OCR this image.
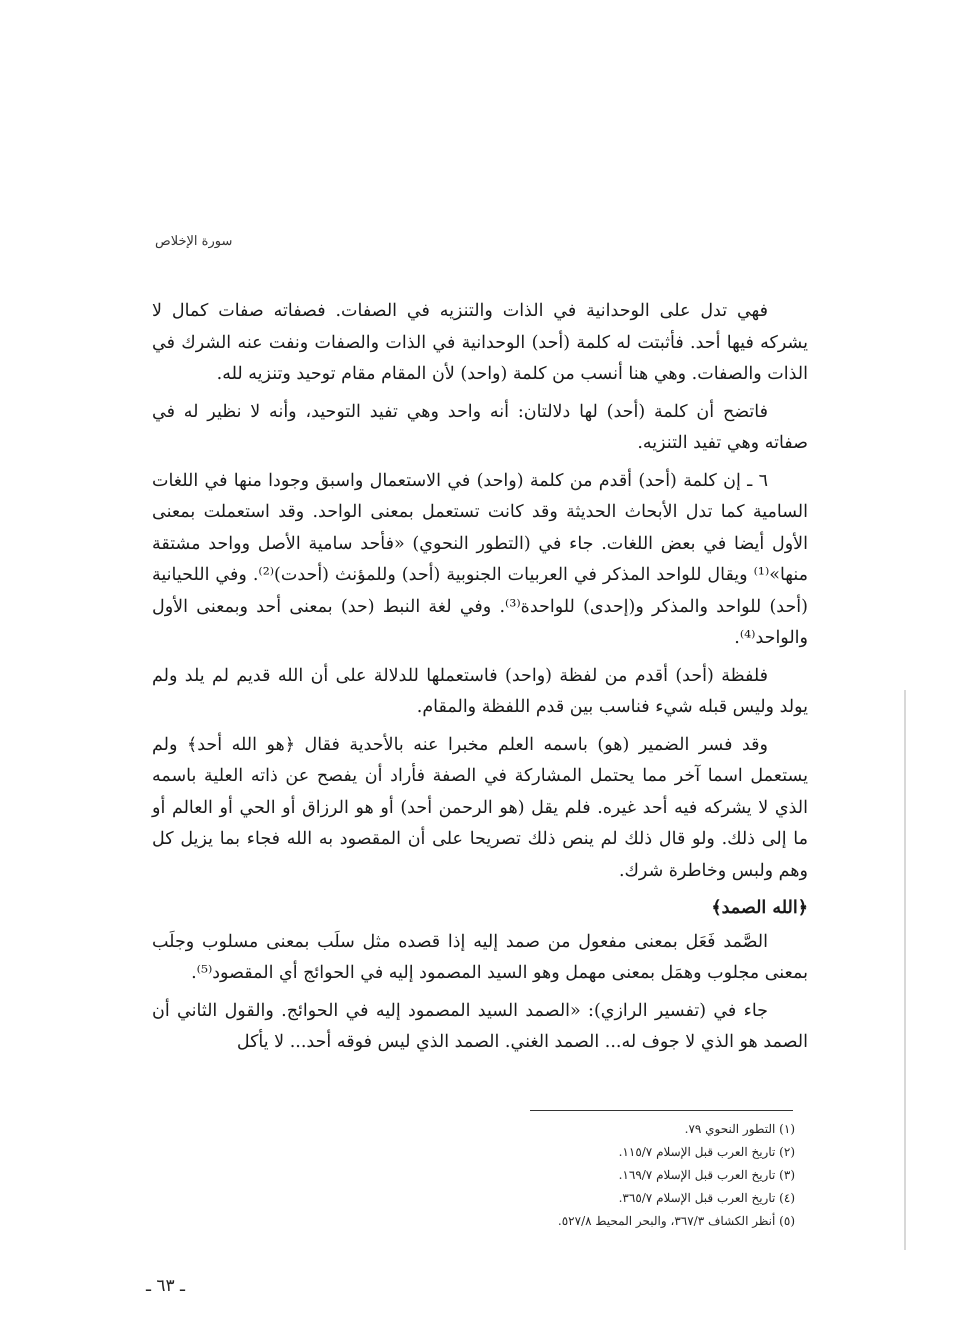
سورة الإخلاص

فهي تدل على الوحدانية في الذات والتنزيه في الصفات. فصفاته صفات كمال لا يشركه فيها أحد. فأثبتت له كلمة (أحد) الوحدانية في الذات والصفات ونفت عنه الشرك في الذات والصفات. وهي هنا أنسب من كلمة (واحد) لأن المقام مقام توحيد وتنزيه لله.

فاتضح أن كلمة (أحد) لها دلالتان: أنه واحد وهي تفيد التوحيد، وأنه لا نظير له في صفاته وهي تفيد التنزيه.

٦ ـ إن كلمة (أحد) أقدم من كلمة (واحد) في الاستعمال واسبق وجودا منها في اللغات السامية كما تدل الأبحاث الحديثة وقد كانت تستعمل بمعنى الواحد. وقد استعملت بمعنى الأول أيضا في بعض اللغات. جاء في (التطور النحوي) «فأحد سامية الأصل وواحد مشتقة منها»⁽¹⁾ ويقال للواحد المذكر في العربيات الجنوبية (أحد) وللمؤنث (أحدت)⁽²⁾. وفي اللحيانية (أحد) للواحد والمذكر و(إحدى) للواحدة⁽³⁾. وفي لغة النبط (حد) بمعنى أحد وبمعنى الأول والواحد⁽⁴⁾.

فلفظة (أحد) أقدم من لفظة (واحد) فاستعملها للدلالة على أن الله قديم لم يلد ولم يولد وليس قبله شيء فناسب بين قدم اللفظة والمقام.

وقد فسر الضمير (هو) باسمه العلم مخبرا عنه بالأحدية فقال ﴿هو الله أحد﴾ ولم يستعمل اسما آخر مما يحتمل المشاركة في الصفة فأراد أن يفصح عن ذاته العلية باسمه الذي لا يشركه فيه أحد غيره. فلم يقل (هو الرحمن أحد) أو هو الرزاق أو الحي أو العالم أو ما إلى ذلك. ولو قال ذلك لم ينص ذلك تصريحا على أن المقصود به الله فجاء بما يزيل كل وهم ولبس وخاطرة شرك.

﴿الله الصمد﴾

الصَّمد فَعَل بمعنى مفعول من صمد إليه إذا قصده مثل سلَب بمعنى مسلوب وجلَب بمعنى مجلوب وهمَل بمعنى مهمل وهو السيد المصمود إليه في الحوائج أي المقصود⁽⁵⁾.

جاء في (تفسير الرازي): «الصمد السيد المصمود إليه في الحوائج. والقول الثاني أن الصمد هو الذي لا جوف له... الصمد الغني. الصمد الذي ليس فوقه أحد... لا يأكل

(١) التطور النحوي ٧٩.
(٢) تاريخ العرب قبل الإسلام ١١٥/٧.
(٣) تاريخ العرب قبل الإسلام ١٦٩/٧.
(٤) تاريخ العرب قبل الإسلام ٣٦٥/٧.
(٥) أنظر الكشاف ٣٦٧/٣، والبحر المحيط ٥٢٧/٨.
ـ ٦٣ ـ
